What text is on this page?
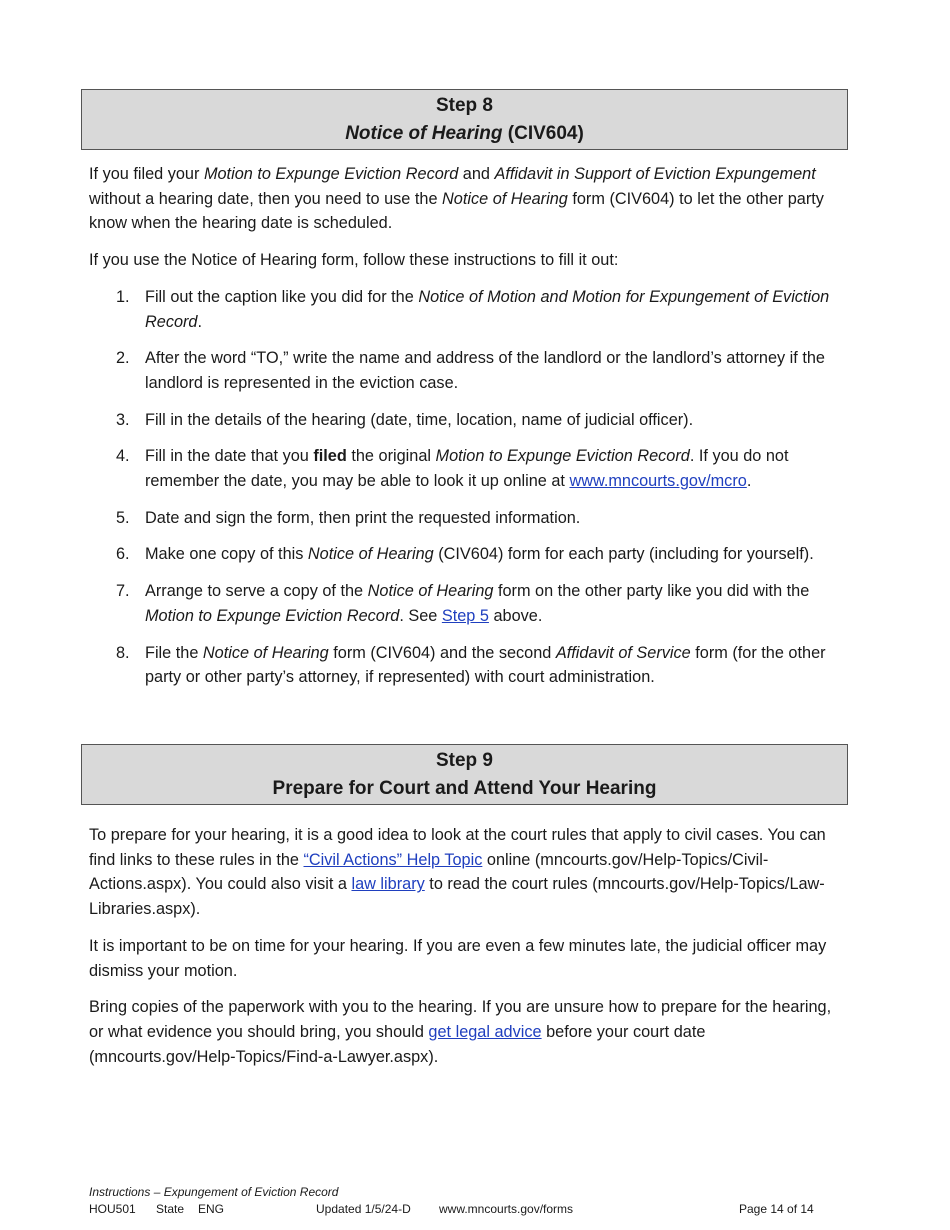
Step 8
Notice of Hearing (CIV604)

If you filed your Motion to Expunge Eviction Record and Affidavit in Support of Eviction Expungement without a hearing date, then you need to use the Notice of Hearing form (CIV604) to let the other party know when the hearing date is scheduled.

If you use the Notice of Hearing form, follow these instructions to fill it out:

1. Fill out the caption like you did for the Notice of Motion and Motion for Expungement of Eviction Record.
2. After the word “TO,” write the name and address of the landlord or the landlord’s attorney if the landlord is represented in the eviction case.
3. Fill in the details of the hearing (date, time, location, name of judicial officer).
4. Fill in the date that you filed the original Motion to Expunge Eviction Record. If you do not remember the date, you may be able to look it up online at www.mncourts.gov/mcro.
5. Date and sign the form, then print the requested information.
6. Make one copy of this Notice of Hearing (CIV604) form for each party (including for yourself).
7. Arrange to serve a copy of the Notice of Hearing form on the other party like you did with the Motion to Expunge Eviction Record. See Step 5 above.
8. File the Notice of Hearing form (CIV604) and the second Affidavit of Service form (for the other party or other party’s attorney, if represented) with court administration.
Step 9
Prepare for Court and Attend Your Hearing

To prepare for your hearing, it is a good idea to look at the court rules that apply to civil cases. You can find links to these rules in the “Civil Actions” Help Topic online (mncourts.gov/Help-Topics/Civil-Actions.aspx). You could also visit a law library to read the court rules (mncourts.gov/Help-Topics/Law-Libraries.aspx).

It is important to be on time for your hearing. If you are even a few minutes late, the judicial officer may dismiss your motion.

Bring copies of the paperwork with you to the hearing. If you are unsure how to prepare for the hearing, or what evidence you should bring, you should get legal advice before your court date (mncourts.gov/Help-Topics/Find-a-Lawyer.aspx).

Instructions – Expungement of Eviction Record
HOU501 State ENG	Updated 1/5/24-D www.mncourts.gov/forms	Page 14 of 14
